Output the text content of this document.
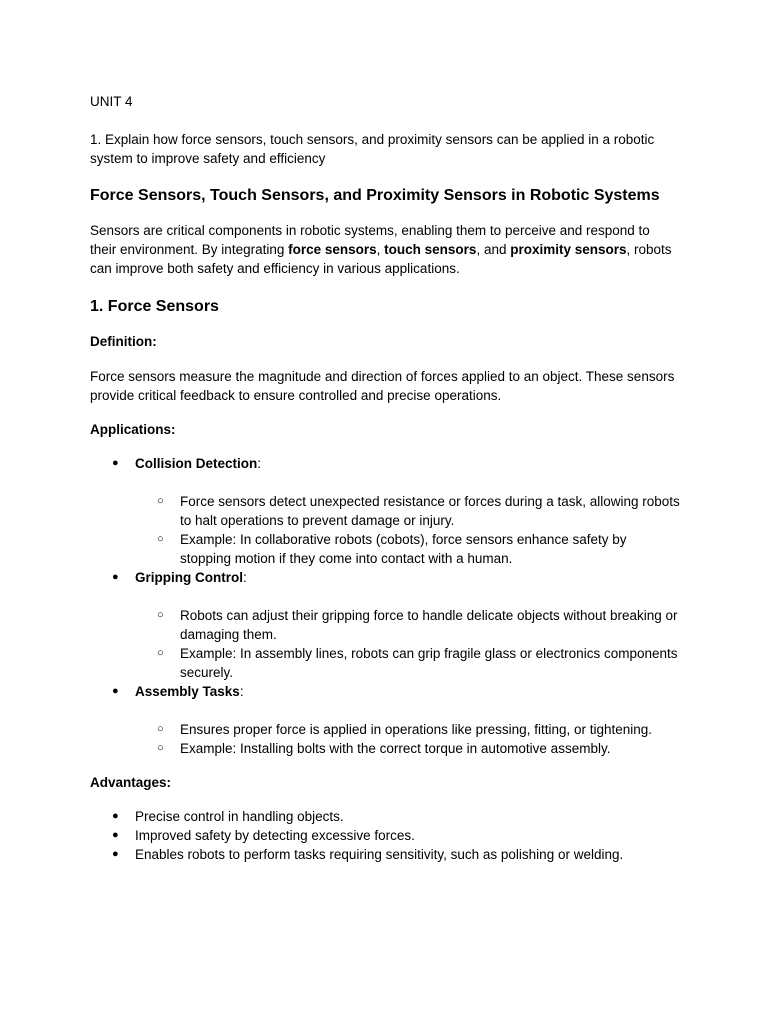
UNIT 4
1. Explain how force sensors, touch sensors, and proximity sensors can be applied in a robotic system to improve safety and efficiency
Force Sensors, Touch Sensors, and Proximity Sensors in Robotic Systems
Sensors are critical components in robotic systems, enabling them to perceive and respond to their environment. By integrating force sensors, touch sensors, and proximity sensors, robots can improve both safety and efficiency in various applications.
1. Force Sensors
Definition:
Force sensors measure the magnitude and direction of forces applied to an object. These sensors provide critical feedback to ensure controlled and precise operations.
Applications:
● Collision Detection:
○ Force sensors detect unexpected resistance or forces during a task, allowing robots to halt operations to prevent damage or injury.
○ Example: In collaborative robots (cobots), force sensors enhance safety by stopping motion if they come into contact with a human.
● Gripping Control:
○ Robots can adjust their gripping force to handle delicate objects without breaking or damaging them.
○ Example: In assembly lines, robots can grip fragile glass or electronics components securely.
● Assembly Tasks:
○ Ensures proper force is applied in operations like pressing, fitting, or tightening.
○ Example: Installing bolts with the correct torque in automotive assembly.
Advantages:
● Precise control in handling objects.
● Improved safety by detecting excessive forces.
● Enables robots to perform tasks requiring sensitivity, such as polishing or welding.
